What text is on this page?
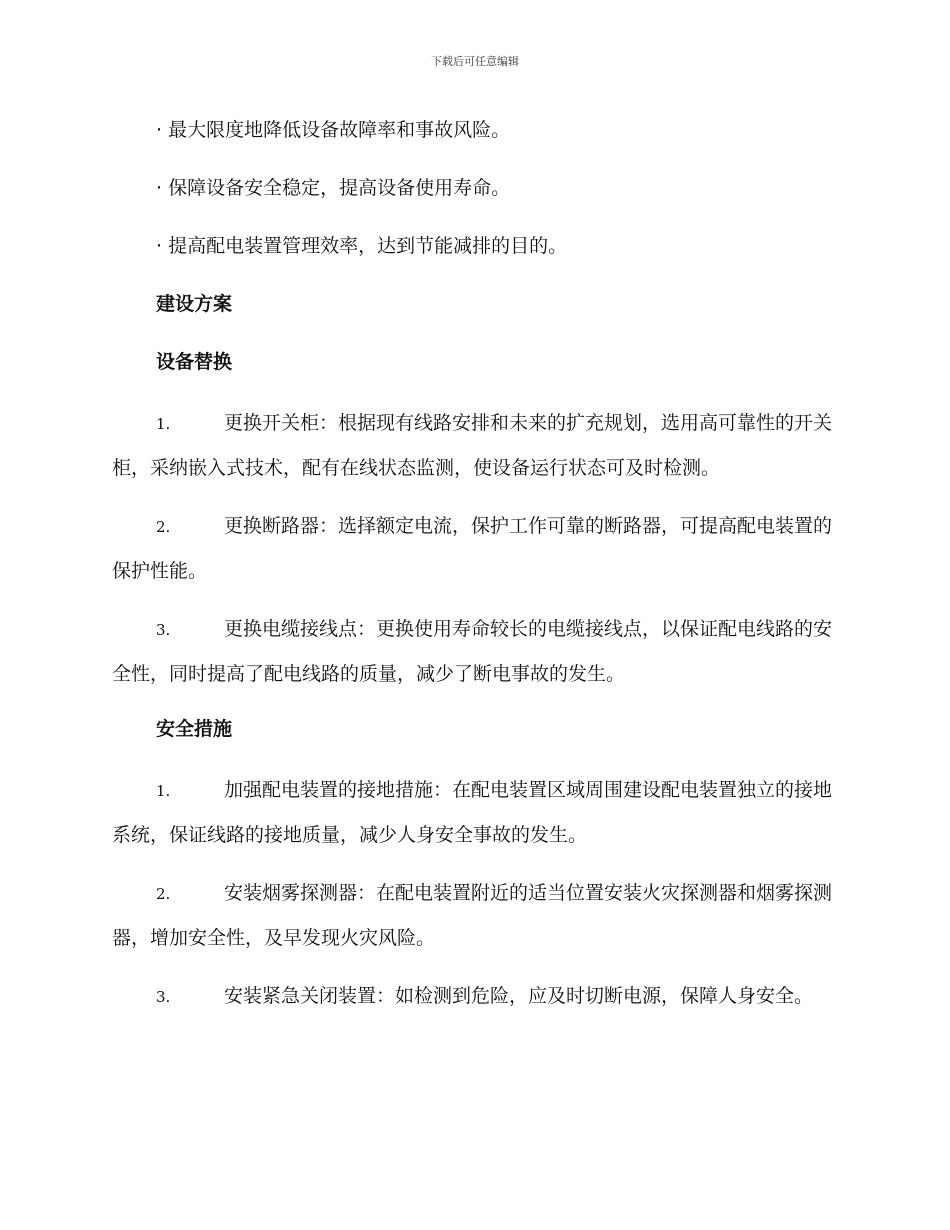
下载后可任意编辑
· 最大限度地降低设备故障率和事故风险。
· 保障设备安全稳定，提高设备使用寿命。
· 提高配电装置管理效率，达到节能减排的目的。
建设方案
设备替换
1.	更换开关柜：根据现有线路安排和未来的扩充规划，选用高可靠性的开关柜，采纳嵌入式技术，配有在线状态监测，使设备运行状态可及时检测。
2.	更换断路器：选择额定电流，保护工作可靠的断路器，可提高配电装置的保护性能。
3.	更换电缆接线点：更换使用寿命较长的电缆接线点，以保证配电线路的安全性，同时提高了配电线路的质量，减少了断电事故的发生。
安全措施
1.	加强配电装置的接地措施：在配电装置区域周围建设配电装置独立的接地系统，保证线路的接地质量，减少人身安全事故的发生。
2.	安装烟雾探测器：在配电装置附近的适当位置安装火灾探测器和烟雾探测器，增加安全性，及早发现火灾风险。
3.	安装紧急关闭装置：如检测到危险，应及时切断电源，保障人身安全。
